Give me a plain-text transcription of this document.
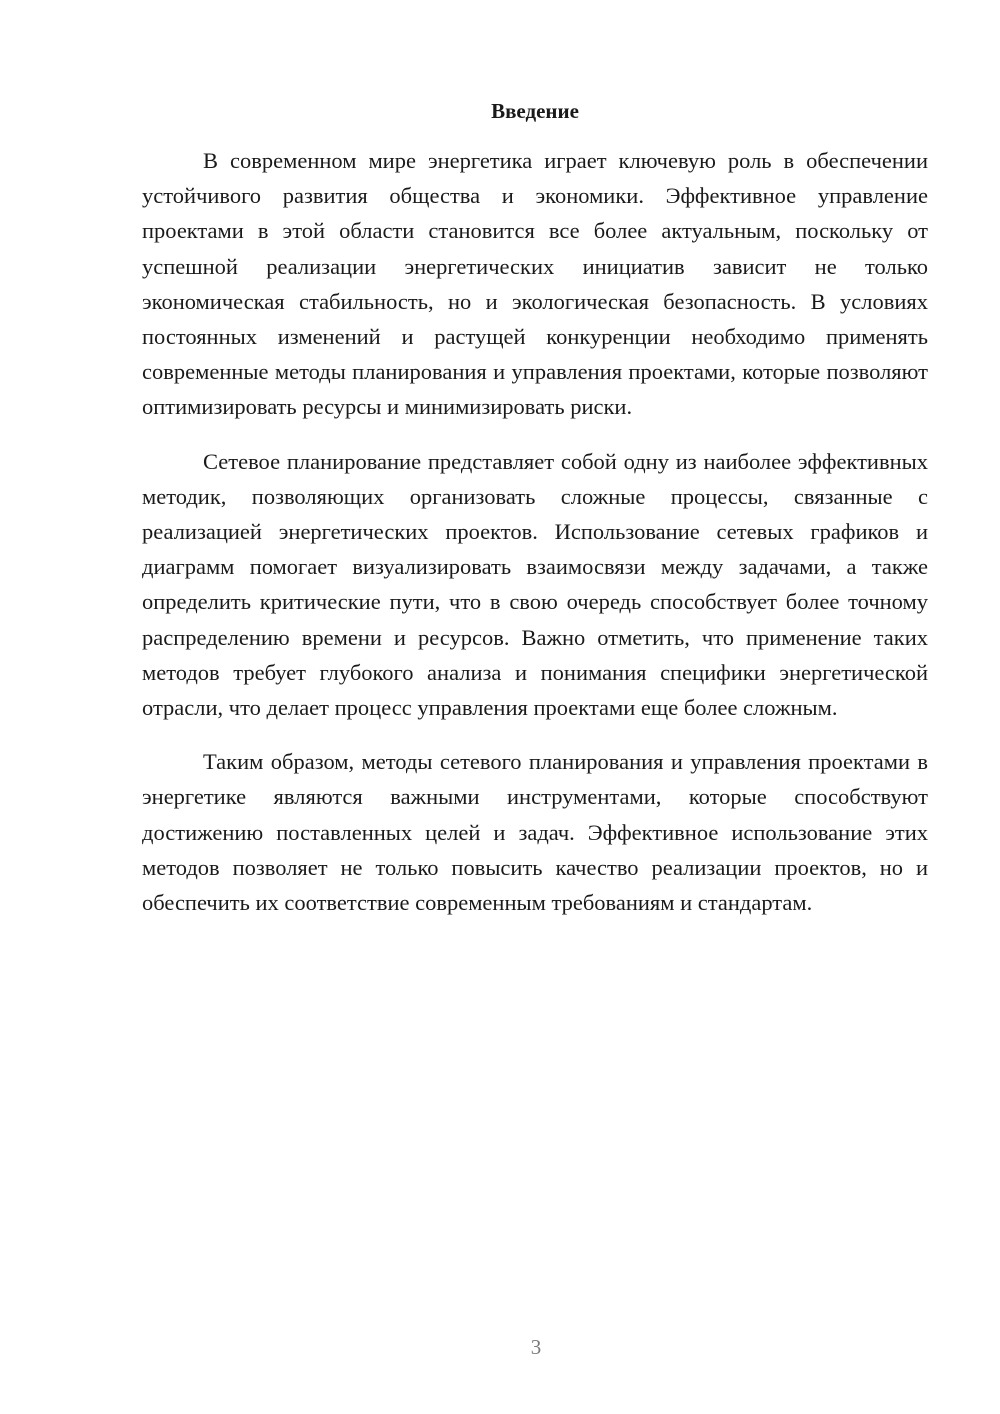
Введение

В современном мире энергетика играет ключевую роль в обеспечении устойчивого развития общества и экономики. Эффективное управление проектами в этой области становится все более актуальным, поскольку от успешной реализации энергетических инициатив зависит не только экономическая стабильность, но и экологическая безопасность. В условиях постоянных изменений и растущей конкуренции необходимо применять современные методы планирования и управления проектами, которые позволяют оптимизировать ресурсы и минимизировать риски.

Сетевое планирование представляет собой одну из наиболее эффективных методик, позволяющих организовать сложные процессы, связанные с реализацией энергетических проектов. Использование сетевых графиков и диаграмм помогает визуализировать взаимосвязи между задачами, а также определить критические пути, что в свою очередь способствует более точному распределению времени и ресурсов. Важно отметить, что применение таких методов требует глубокого анализа и понимания специфики энергетической отрасли, что делает процесс управления проектами еще более сложным.

Таким образом, методы сетевого планирования и управления проектами в энергетике являются важными инструментами, которые способствуют достижению поставленных целей и задач. Эффективное использование этих методов позволяет не только повысить качество реализации проектов, но и обеспечить их соответствие современным требованиям и стандартам.

3
